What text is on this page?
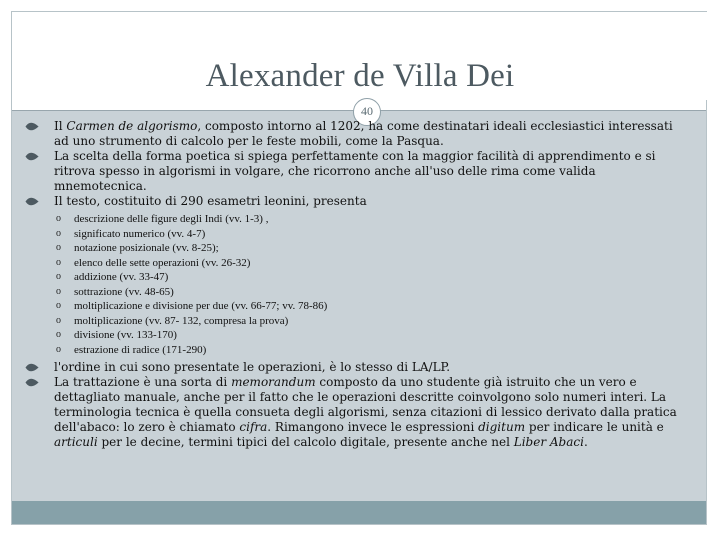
Alexander de Villa Dei
40
Il Carmen de algorismo, composto intorno al 1202, ha come destinatari ideali ecclesiastici interessati ad uno strumento di calcolo per le feste mobili, come la Pasqua.
La scelta della forma poetica si spiega perfettamente con la maggior facilità di apprendimento e si ritrova spesso in algorismi in volgare, che ricorrono anche all'uso delle rima come valida mnemotecnica.
Il testo, costituito di 290 esametri leonini, presenta
o descrizione delle figure degli Indi (vv. 1-3) ,
o significato numerico (vv. 4-7)
o notazione posizionale (vv. 8-25);
o elenco delle sette operazioni (vv. 26-32)
o addizione (vv. 33-47)
o sottrazione (vv. 48-65)
o moltiplicazione e divisione per due (vv. 66-77; vv. 78-86)
o moltiplicazione (vv. 87- 132, compresa la prova)
o divisione (vv. 133-170)
o estrazione di radice (171-290)
l'ordine in cui sono presentate le operazioni, è lo stesso di LA/LP.
La trattazione è una sorta di memorandum composto da uno studente già istruito che un vero e dettagliato manuale, anche per il fatto che le operazioni descritte coinvolgono solo numeri interi. La terminologia tecnica è quella consueta degli algorismi, senza citazioni di lessico derivato dalla pratica dell'abaco: lo zero è chiamato cifra. Rimangono invece le espressioni digitum per indicare le unità e articuli per le decine, termini tipici del calcolo digitale, presente anche nel Liber Abaci.
